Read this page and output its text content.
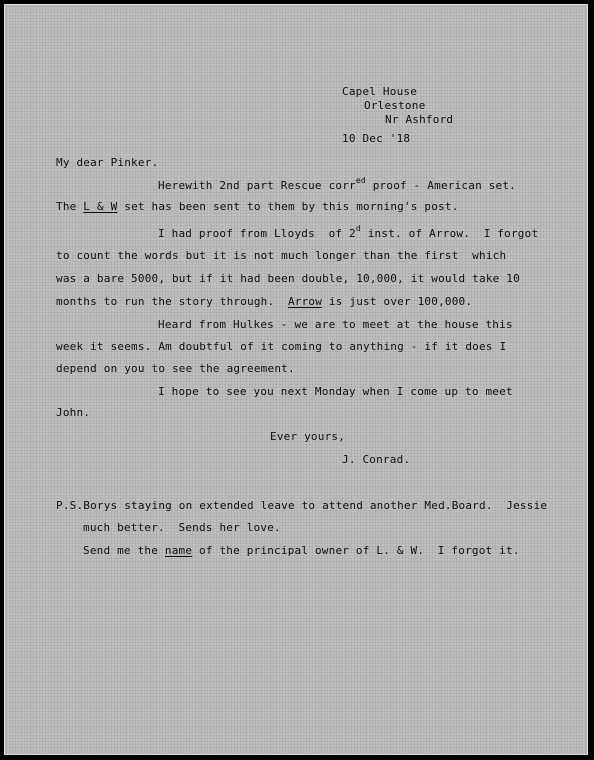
Capel House
Orlestone
Nr Ashford
10 Dec '18
My dear Pinker.
Herewith 2nd part Rescue corr$^{ed}$ proof - American set.
The L & W set has been sent to them by this morning's post.
I had proof from Lloyds  of 2$^d$ inst. of Arrow.  I forgot
to count the words but it is not much longer than the first  which
was a bare 5000, but if it had been double, 10,000, it would take 10
months to run the story through.  Arrow is just over 100,000.
Heard from Hulkes - we are to meet at the house this
week it seems. Am doubtful of it coming to anything - if it does I
depend on you to see the agreement.
I hope to see you next Monday when I come up to meet
John.
Ever yours,
J. Conrad.
P.S.Borys staying on extended leave to attend another Med.Board.  Jessie
much better.  Sends her love.
Send me the name of the principal owner of L. & W.  I forgot it.
